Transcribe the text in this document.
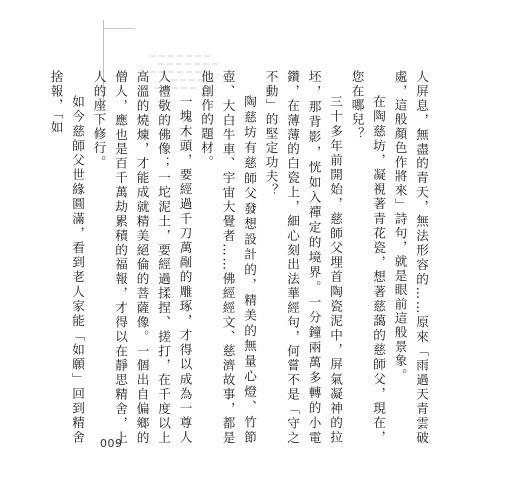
人屏息，無盡的青天，無法形容的……原來「雨過天青雲破處，這般顏色作將來」詩句，就是眼前這般景象。

在陶慈坊，凝視著青花瓷，想著慈藹的慈師父，現在，您在哪兒？

三十多年前開始，慈師父埋首陶瓷泥中，屏氣凝神的拉坯，那背影，恍如入禪定的境界。一分鐘兩萬多轉的小電鑽，在薄薄的白瓷上，細心刻出法華經句，何嘗不是「守之不動」的堅定功夫？

陶慈坊有慈師父發想設計的，精美的無量心燈、竹節壺、大白牛車、宇宙大覺者……佛經經文、慈濟故事，都是他創作的題材。

一塊木頭，要經過千刀萬剮的雕琢，才得以成為一尊人人禮敬的佛像；一坨泥土，要經過揉捏、搓打，在千度以上高溫的燒煉，才能成就精美絕倫的菩薩像。一個出自偏鄉的僧人，應也是百千萬劫累積的福報，才得以在靜思精舍，上人的座下修行。

如今慈師父世緣圓滿，看到老人家能「如願」回到精舍捨報，「如

009
